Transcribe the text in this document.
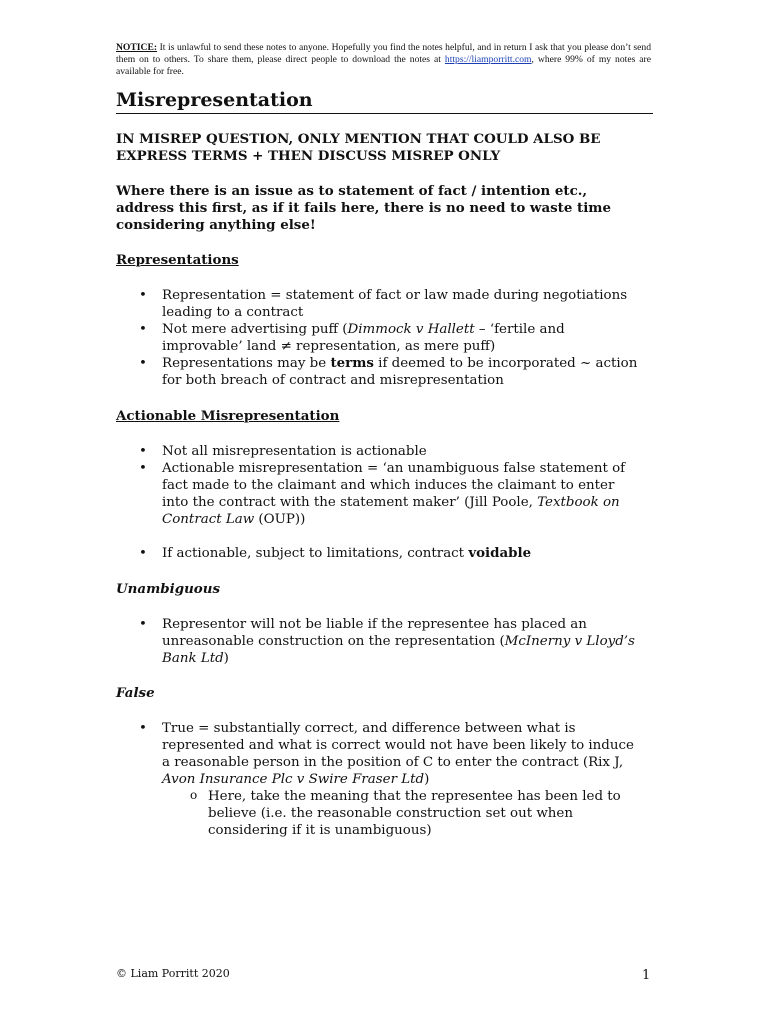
NOTICE: It is unlawful to send these notes to anyone. Hopefully you find the notes helpful, and in return I ask that you please don’t send them on to others. To share them, please direct people to download the notes at https://liamporritt.com, where 99% of my notes are available for free.
Misrepresentation
IN MISREP QUESTION, ONLY MENTION THAT COULD ALSO BE EXPRESS TERMS + THEN DISCUSS MISREP ONLY
Where there is an issue as to statement of fact / intention etc., address this first, as if it fails here, there is no need to waste time considering anything else!
Representations
• Representation = statement of fact or law made during negotiations leading to a contract
• Not mere advertising puff (Dimmock v Hallett – ‘fertile and improvable’ land ≠ representation, as mere puff)
• Representations may be terms if deemed to be incorporated ~ action for both breach of contract and misrepresentation
Actionable Misrepresentation
• Not all misrepresentation is actionable
• Actionable misrepresentation = ‘an unambiguous false statement of fact made to the claimant and which induces the claimant to enter into the contract with the statement maker’ (Jill Poole, Textbook on Contract Law (OUP))
• If actionable, subject to limitations, contract voidable
Unambiguous
• Representor will not be liable if the representee has placed an unreasonable construction on the representation (McInerny v Lloyd’s Bank Ltd)
False
• True = substantially correct, and difference between what is represented and what is correct would not have been likely to induce a reasonable person in the position of C to enter the contract (Rix J, Avon Insurance Plc v Swire Fraser Ltd)
o Here, take the meaning that the representee has been led to believe (i.e. the reasonable construction set out when considering if it is unambiguous)
© Liam Porritt 2020	1
